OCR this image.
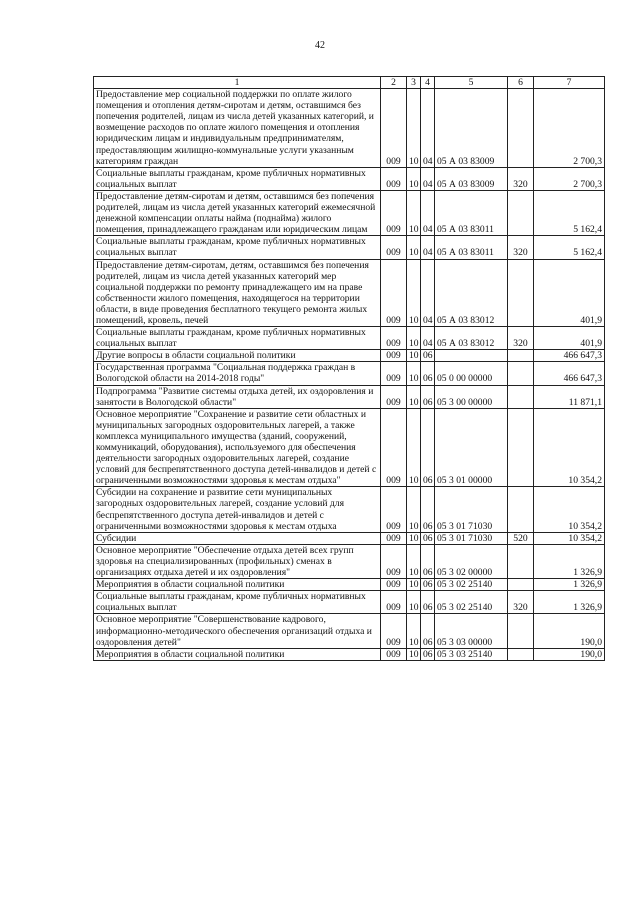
42
1	2	3	4	5	6	7
Предоставление мер социальной поддержки по оплате жилого помещения и отопления детям-сиротам и детям, оставшимся без попечения родителей, лицам из числа детей указанных категорий, и возмещение расходов по оплате жилого помещения и отопления юридическим лицам и индивидуальным предпринимателям, предоставляющим жилищно-коммунальные услуги указанным категориям граждан	009	10	04	05 А 03 83009		2 700,3
Социальные выплаты гражданам, кроме публичных нормативных социальных выплат	009	10	04	05 А 03 83009	320	2 700,3
Предоставление детям-сиротам и детям, оставшимся без попечения родителей, лицам из числа детей указанных категорий ежемесячной денежной компенсации оплаты найма (поднайма) жилого помещения, принадлежащего гражданам или юридическим лицам	009	10	04	05 А 03 83011		5 162,4
Социальные выплаты гражданам, кроме публичных нормативных социальных выплат	009	10	04	05 А 03 83011	320	5 162,4
Предоставление детям-сиротам, детям, оставшимся без попечения родителей, лицам из числа детей указанных категорий мер социальной поддержки по ремонту принадлежащего им на праве собственности жилого помещения, находящегося на территории области, в виде проведения бесплатного текущего ремонта жилых помещений, кровель, печей	009	10	04	05 А 03 83012		401,9
Социальные выплаты гражданам, кроме публичных нормативных социальных выплат	009	10	04	05 А 03 83012	320	401,9
Другие вопросы в области социальной политики	009	10	06			466 647,3
Государственная программа "Социальная поддержка граждан в Вологодской области на 2014-2018 годы"	009	10	06	05 0 00 00000		466 647,3
Подпрограмма "Развитие системы отдыха детей, их оздоровления и занятости в Вологодской области"	009	10	06	05 3 00 00000		11 871,1
Основное мероприятие "Сохранение и развитие сети областных и муниципальных загородных оздоровительных лагерей, а также комплекса муниципального имущества (зданий, сооружений, коммуникаций, оборудования), используемого для обеспечения деятельности загородных оздоровительных лагерей, создание условий для беспрепятственного доступа детей-инвалидов и детей с ограниченными возможностями здоровья к местам отдыха"	009	10	06	05 3 01 00000		10 354,2
Субсидии на сохранение и развитие сети муниципальных загородных оздоровительных лагерей, создание условий для беспрепятственного доступа детей-инвалидов и детей с ограниченными возможностями здоровья к местам отдыха	009	10	06	05 3 01 71030		10 354,2
Субсидии	009	10	06	05 3 01 71030	520	10 354,2
Основное мероприятие "Обеспечение отдыха детей всех групп здоровья на специализированных (профильных) сменах в организациях отдыха детей и их оздоровления"	009	10	06	05 3 02 00000		1 326,9
Мероприятия в области социальной политики	009	10	06	05 3 02 25140		1 326,9
Социальные выплаты гражданам, кроме публичных нормативных социальных выплат	009	10	06	05 3 02 25140	320	1 326,9
Основное мероприятие "Совершенствование кадрового, информационно-методического обеспечения организаций отдыха и оздоровления детей"	009	10	06	05 3 03 00000		190,0
Мероприятия в области социальной политики	009	10	06	05 3 03 25140		190,0
